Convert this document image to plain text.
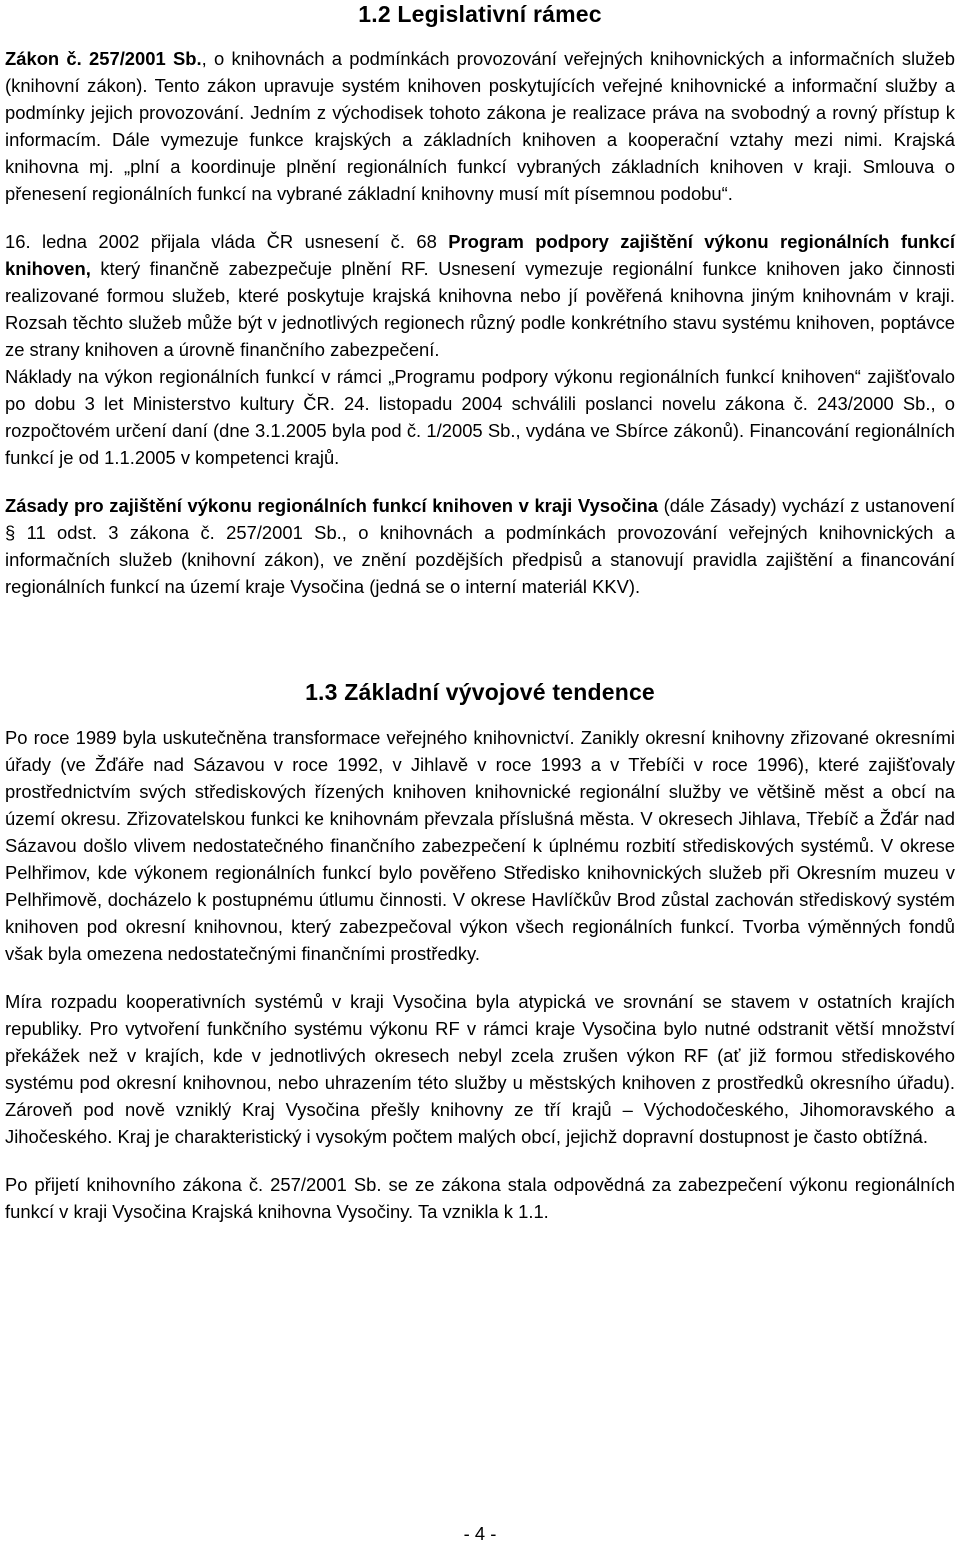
1.2 Legislativní rámec

Zákon č. 257/2001 Sb., o knihovnách a podmínkách provozování veřejných knihovnických a informačních služeb (knihovní zákon). Tento zákon upravuje systém knihoven poskytujících veřejné knihovnické a informační služby a podmínky jejich provozování. Jedním z východisek tohoto zákona je realizace práva na svobodný a rovný přístup k informacím. Dále vymezuje funkce krajských a základních knihoven a kooperační vztahy mezi nimi. Krajská knihovna mj. „plní a koordinuje plnění regionálních funkcí vybraných základních knihoven v kraji. Smlouva o přenesení regionálních funkcí na vybrané základní knihovny musí mít písemnou podobu“.

16. ledna 2002 přijala vláda ČR usnesení č. 68 Program podpory zajištění výkonu regionálních funkcí knihoven, který finančně zabezpečuje plnění RF. Usnesení vymezuje regionální funkce knihoven jako činnosti realizované formou služeb, které poskytuje krajská knihovna nebo jí pověřená knihovna jiným knihovnám v kraji. Rozsah těchto služeb může být v jednotlivých regionech různý podle konkrétního stavu systému knihoven, poptávce ze strany knihoven a úrovně finančního zabezpečení.

Náklady na výkon regionálních funkcí v rámci „Programu podpory výkonu regionálních funkcí knihoven“ zajišťovalo po dobu 3 let Ministerstvo kultury ČR. 24. listopadu 2004 schválili poslanci novelu zákona č. 243/2000 Sb., o rozpočtovém určení daní (dne 3.1.2005 byla pod č. 1/2005 Sb., vydána ve Sbírce zákonů). Financování regionálních funkcí je od 1.1.2005 v kompetenci krajů.

Zásady pro zajištění výkonu regionálních funkcí knihoven v kraji Vysočina (dále Zásady) vychází z ustanovení § 11 odst. 3 zákona č. 257/2001 Sb., o knihovnách a podmínkách provozování veřejných knihovnických a informačních služeb (knihovní zákon), ve znění pozdějších předpisů a stanovují pravidla zajištění a financování regionálních funkcí na území kraje Vysočina (jedná se o interní materiál KKV).

1.3 Základní vývojové tendence

Po roce 1989 byla uskutečněna transformace veřejného knihovnictví. Zanikly okresní knihovny zřizované okresními úřady (ve Žďáře nad Sázavou v roce 1992, v Jihlavě v roce 1993 a v Třebíči v roce 1996), které zajišťovaly prostřednictvím svých střediskových řízených knihoven knihovnické regionální služby ve většině měst a obcí na území okresu. Zřizovatelskou funkci ke knihovnám převzala příslušná města. V okresech Jihlava, Třebíč a Žďár nad Sázavou došlo vlivem nedostatečného finančního zabezpečení k úplnému rozbití střediskových systémů. V okrese Pelhřimov, kde výkonem regionálních funkcí bylo pověřeno Středisko knihovnických služeb při Okresním muzeu v Pelhřimově, docházelo k postupnému útlumu činnosti. V okrese Havlíčkův Brod zůstal zachován střediskový systém knihoven pod okresní knihovnou, který zabezpečoval výkon všech regionálních funkcí. Tvorba výměnných fondů však byla omezena nedostatečnými finančními prostředky.

Míra rozpadu kooperativních systémů v kraji Vysočina byla atypická ve srovnání se stavem v ostatních krajích republiky. Pro vytvoření funkčního systému výkonu RF v rámci kraje Vysočina bylo nutné odstranit větší množství překážek než v krajích, kde v jednotlivých okresech nebyl zcela zrušen výkon RF (ať již formou střediskového systému pod okresní knihovnou, nebo uhrazením této služby u městských knihoven z prostředků okresního úřadu). Zároveň pod nově vzniklý Kraj Vysočina přešly knihovny ze tří krajů – Východočeského, Jihomoravského a Jihočeského. Kraj je charakteristický i vysokým počtem malých obcí, jejichž dopravní dostupnost je často obtížná.

Po přijetí knihovního zákona č. 257/2001 Sb. se ze zákona stala odpovědná za zabezpečení výkonu regionálních funkcí v kraji Vysočina Krajská knihovna Vysočiny. Ta vznikla k 1.1.

- 4 -
